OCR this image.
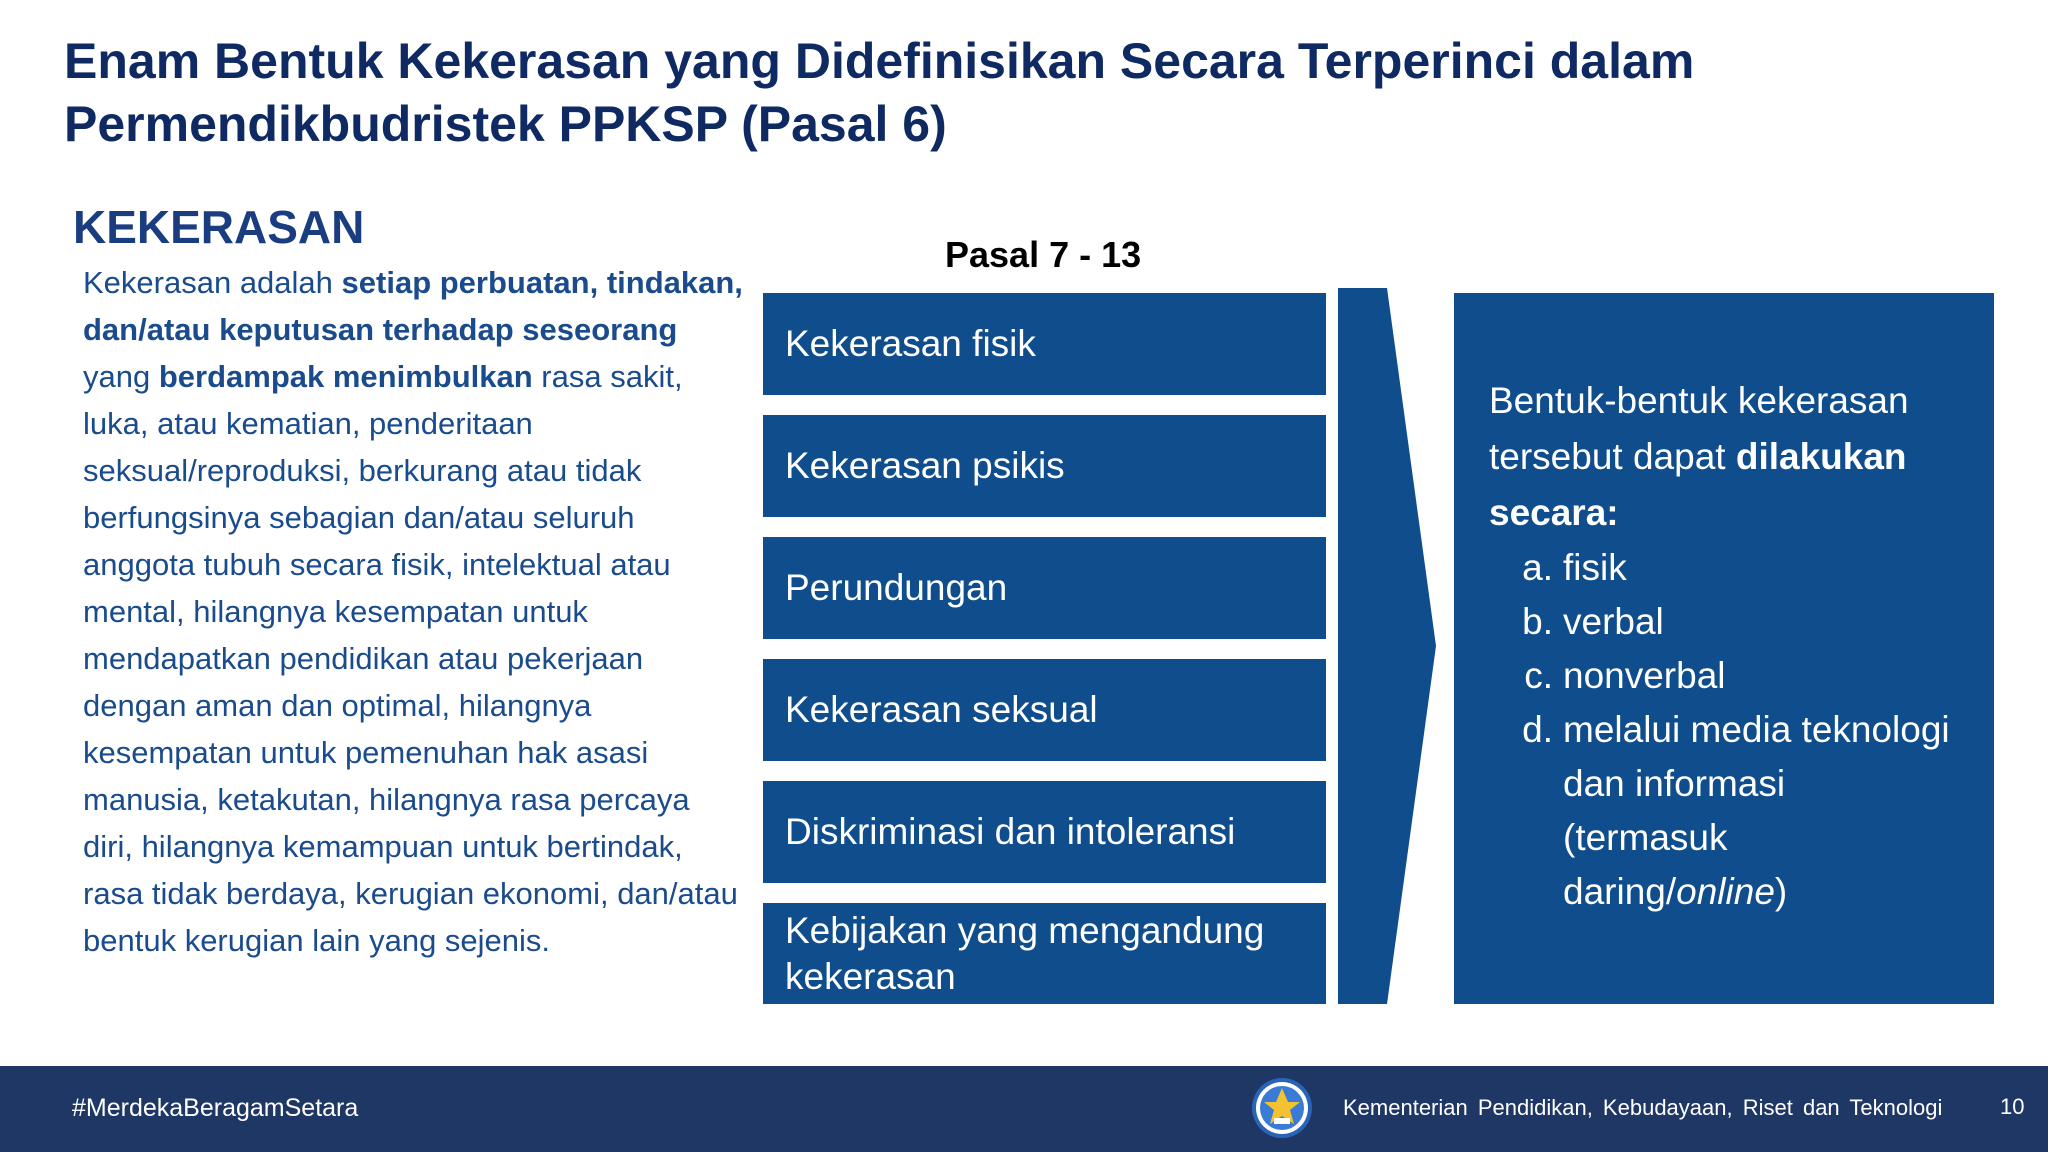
Enam Bentuk Kekerasan yang Didefinisikan Secara Terperinci dalam
Permendikbudristek PPKSP (Pasal 6)
KEKERASAN
Kekerasan adalah setiap perbuatan, tindakan, dan/atau keputusan terhadap seseorang yang berdampak menimbulkan rasa sakit, luka, atau kematian, penderitaan seksual/reproduksi, berkurang atau tidak berfungsinya sebagian dan/atau seluruh anggota tubuh secara fisik, intelektual atau mental, hilangnya kesempatan untuk mendapatkan pendidikan atau pekerjaan dengan aman dan optimal, hilangnya kesempatan untuk pemenuhan hak asasi manusia, ketakutan, hilangnya rasa percaya diri, hilangnya kemampuan untuk bertindak, rasa tidak berdaya, kerugian ekonomi, dan/atau bentuk kerugian lain yang sejenis.
Pasal 7 - 13
Kekerasan fisik
Kekerasan psikis
Perundungan
Kekerasan seksual
Diskriminasi dan intoleransi
Kebijakan yang mengandung kekerasan
Bentuk-bentuk kekerasan tersebut dapat dilakukan secara:
a. fisik
b. verbal
c. nonverbal
d. melalui media teknologi dan informasi (termasuk daring/online)
#MerdekaBeragamSetara	Kementerian Pendidikan, Kebudayaan, Riset dan Teknologi	10
